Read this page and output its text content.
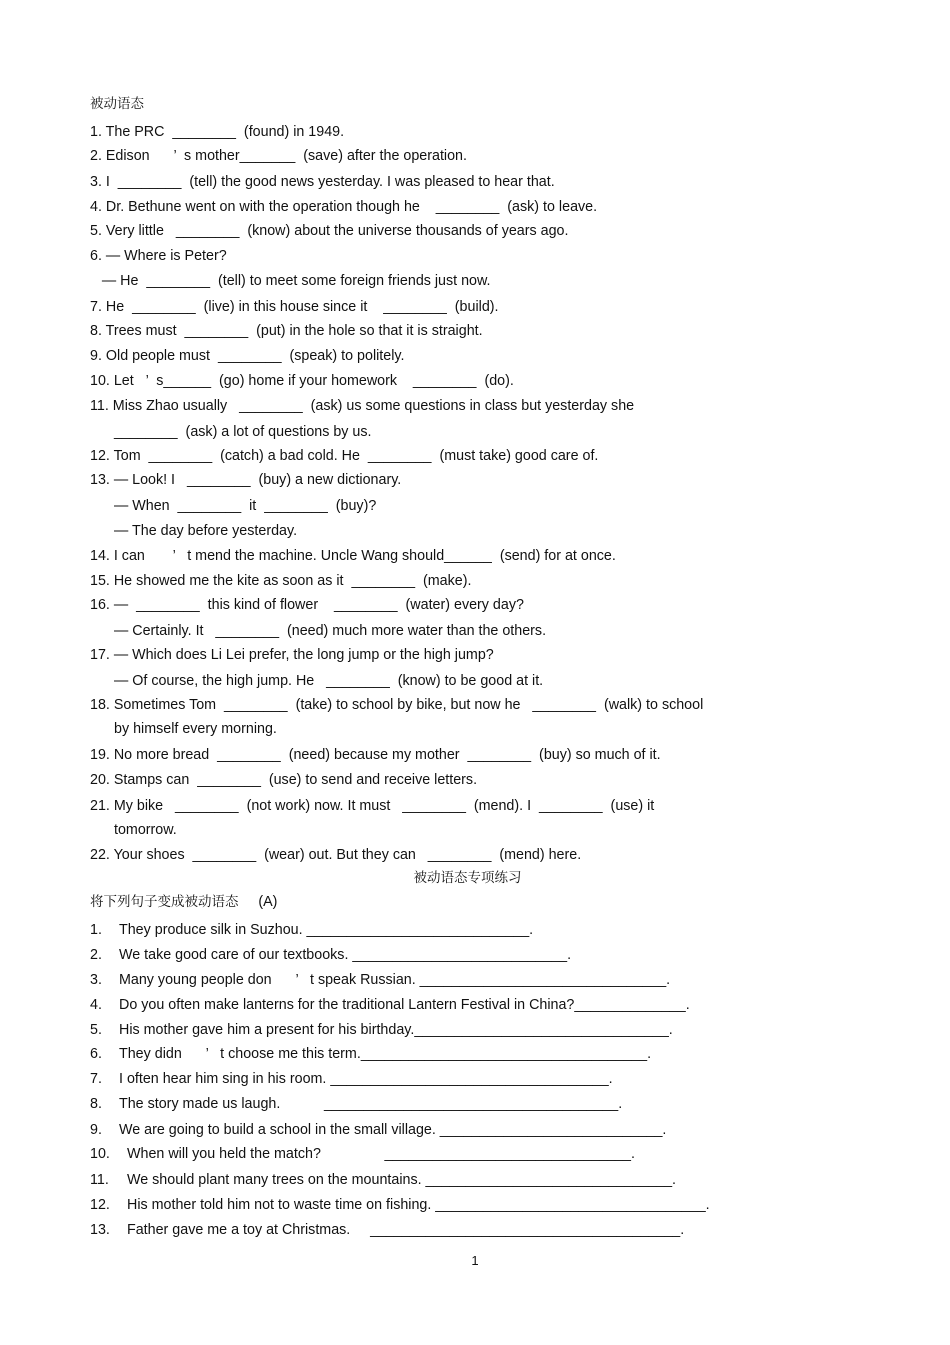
被动语态
1. The PRC  ________  (found) in 1949.
2. Edison      ’  s mother_______  (save) after the operation.
3. I  ________  (tell) the good news yesterday. I was pleased to hear that.
4. Dr. Bethune went on with the operation though he    ________  (ask) to leave.
5. Very little   ________  (know) about the universe thousands of years ago.
6. — Where is Peter?
— He  ________  (tell) to meet some foreign friends just now.
7. He  ________  (live) in this house since it    ________  (build).
8. Trees must  ________  (put) in the hole so that it is straight.
9. Old people must  ________  (speak) to politely.
10. Let   ’  s______  (go) home if your homework    ________  (do).
11. Miss Zhao usually   ________  (ask) us some questions in class but yesterday she
________  (ask) a lot of questions by us.
12. Tom  ________  (catch) a bad cold. He  ________  (must take) good care of.
13. — Look! I   ________  (buy) a new dictionary.
— When  ________  it  ________  (buy)?
— The day before yesterday.
14. I can       ’   t mend the machine. Uncle Wang should______  (send) for at once.
15. He showed me the kite as soon as it  ________  (make).
16. —  ________  this kind of flower    ________  (water) every day?
— Certainly. It   ________  (need) much more water than the others.
17. — Which does Li Lei prefer, the long jump or the high jump?
— Of course, the high jump. He   ________  (know) to be good at it.
18. Sometimes Tom  ________  (take) to school by bike, but now he   ________  (walk) to school
by himself every morning.
19. No more bread  ________  (need) because my mother  ________  (buy) so much of it.
20. Stamps can  ________  (use) to send and receive letters.
21. My bike   ________  (not work) now. It must   ________  (mend). I  ________  (use) it
tomorrow.
22. Your shoes  ________  (wear) out. But they can   ________  (mend) here.
被动语态专项练习
将下列句子变成被动语态 (A)
1. They produce silk in Suzhou. ____________________________.
2. We take good care of our textbooks. ___________________________.
3. Many young people don      ’   t speak Russian. _______________________________.
4. Do you often make lanterns for the traditional Lantern Festival in China?______________.
5. His mother gave him a present for his birthday.________________________________.
6. They didn      ’   t choose me this term.____________________________________.
7. I often hear him sing in his room. ___________________________________.
8. The story made us laugh.           _____________________________________.
9. We are going to build a school in the small village. ____________________________.
10. When will you held the match?                _______________________________.
11. We should plant many trees on the mountains. _______________________________.
12. His mother told him not to waste time on fishing. __________________________________.
13. Father gave me a toy at Christmas.     _______________________________________.
1
